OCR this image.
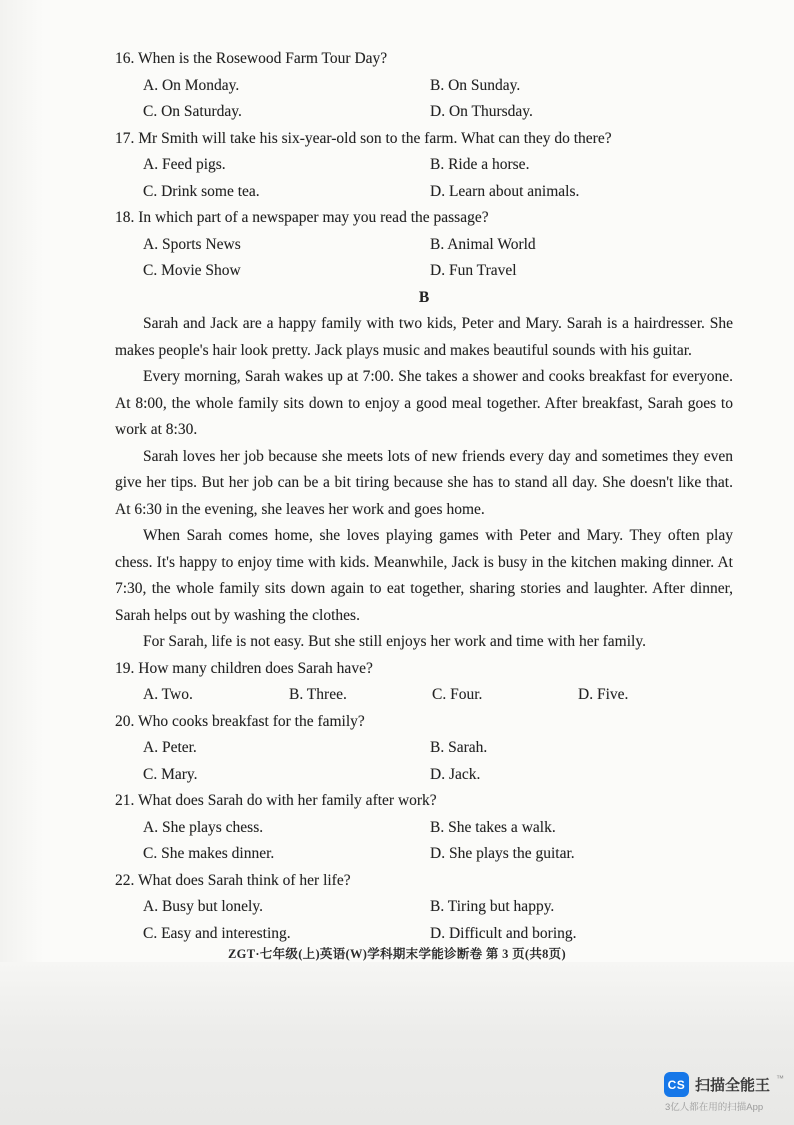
16. When is the Rosewood Farm Tour Day?
A. On Monday.	B. On Sunday.
C. On Saturday.	D. On Thursday.
17. Mr Smith will take his six-year-old son to the farm. What can they do there?
A. Feed pigs.	B. Ride a horse.
C. Drink some tea.	D. Learn about animals.
18. In which part of a newspaper may you read the passage?
A. Sports News	B. Animal World
C. Movie Show	D. Fun Travel
B

Sarah and Jack are a happy family with two kids, Peter and Mary. Sarah is a hairdresser. She makes people's hair look pretty. Jack plays music and makes beautiful sounds with his guitar.

Every morning, Sarah wakes up at 7:00. She takes a shower and cooks breakfast for everyone. At 8:00, the whole family sits down to enjoy a good meal together. After breakfast, Sarah goes to work at 8:30.

Sarah loves her job because she meets lots of new friends every day and sometimes they even give her tips. But her job can be a bit tiring because she has to stand all day. She doesn't like that. At 6:30 in the evening, she leaves her work and goes home.

When Sarah comes home, she loves playing games with Peter and Mary. They often play chess. It's happy to enjoy time with kids. Meanwhile, Jack is busy in the kitchen making dinner. At 7:30, the whole family sits down again to eat together, sharing stories and laughter. After dinner, Sarah helps out by washing the clothes.

For Sarah, life is not easy. But she still enjoys her work and time with her family.

19. How many children does Sarah have?
A. Two.	B. Three.	C. Four.	D. Five.
20. Who cooks breakfast for the family?
A. Peter.	B. Sarah.
C. Mary.	D. Jack.
21. What does Sarah do with her family after work?
A. She plays chess.	B. She takes a walk.
C. She makes dinner.	D. She plays the guitar.
22. What does Sarah think of her life?
A. Busy but lonely.	B. Tiring but happy.
C. Easy and interesting.	D. Difficult and boring.
ZGT·七年级(上)英语(W)学科期末学能诊断卷 第 3 页(共8页)
CS 扫描全能王 ™
3亿人都在用的扫描App
